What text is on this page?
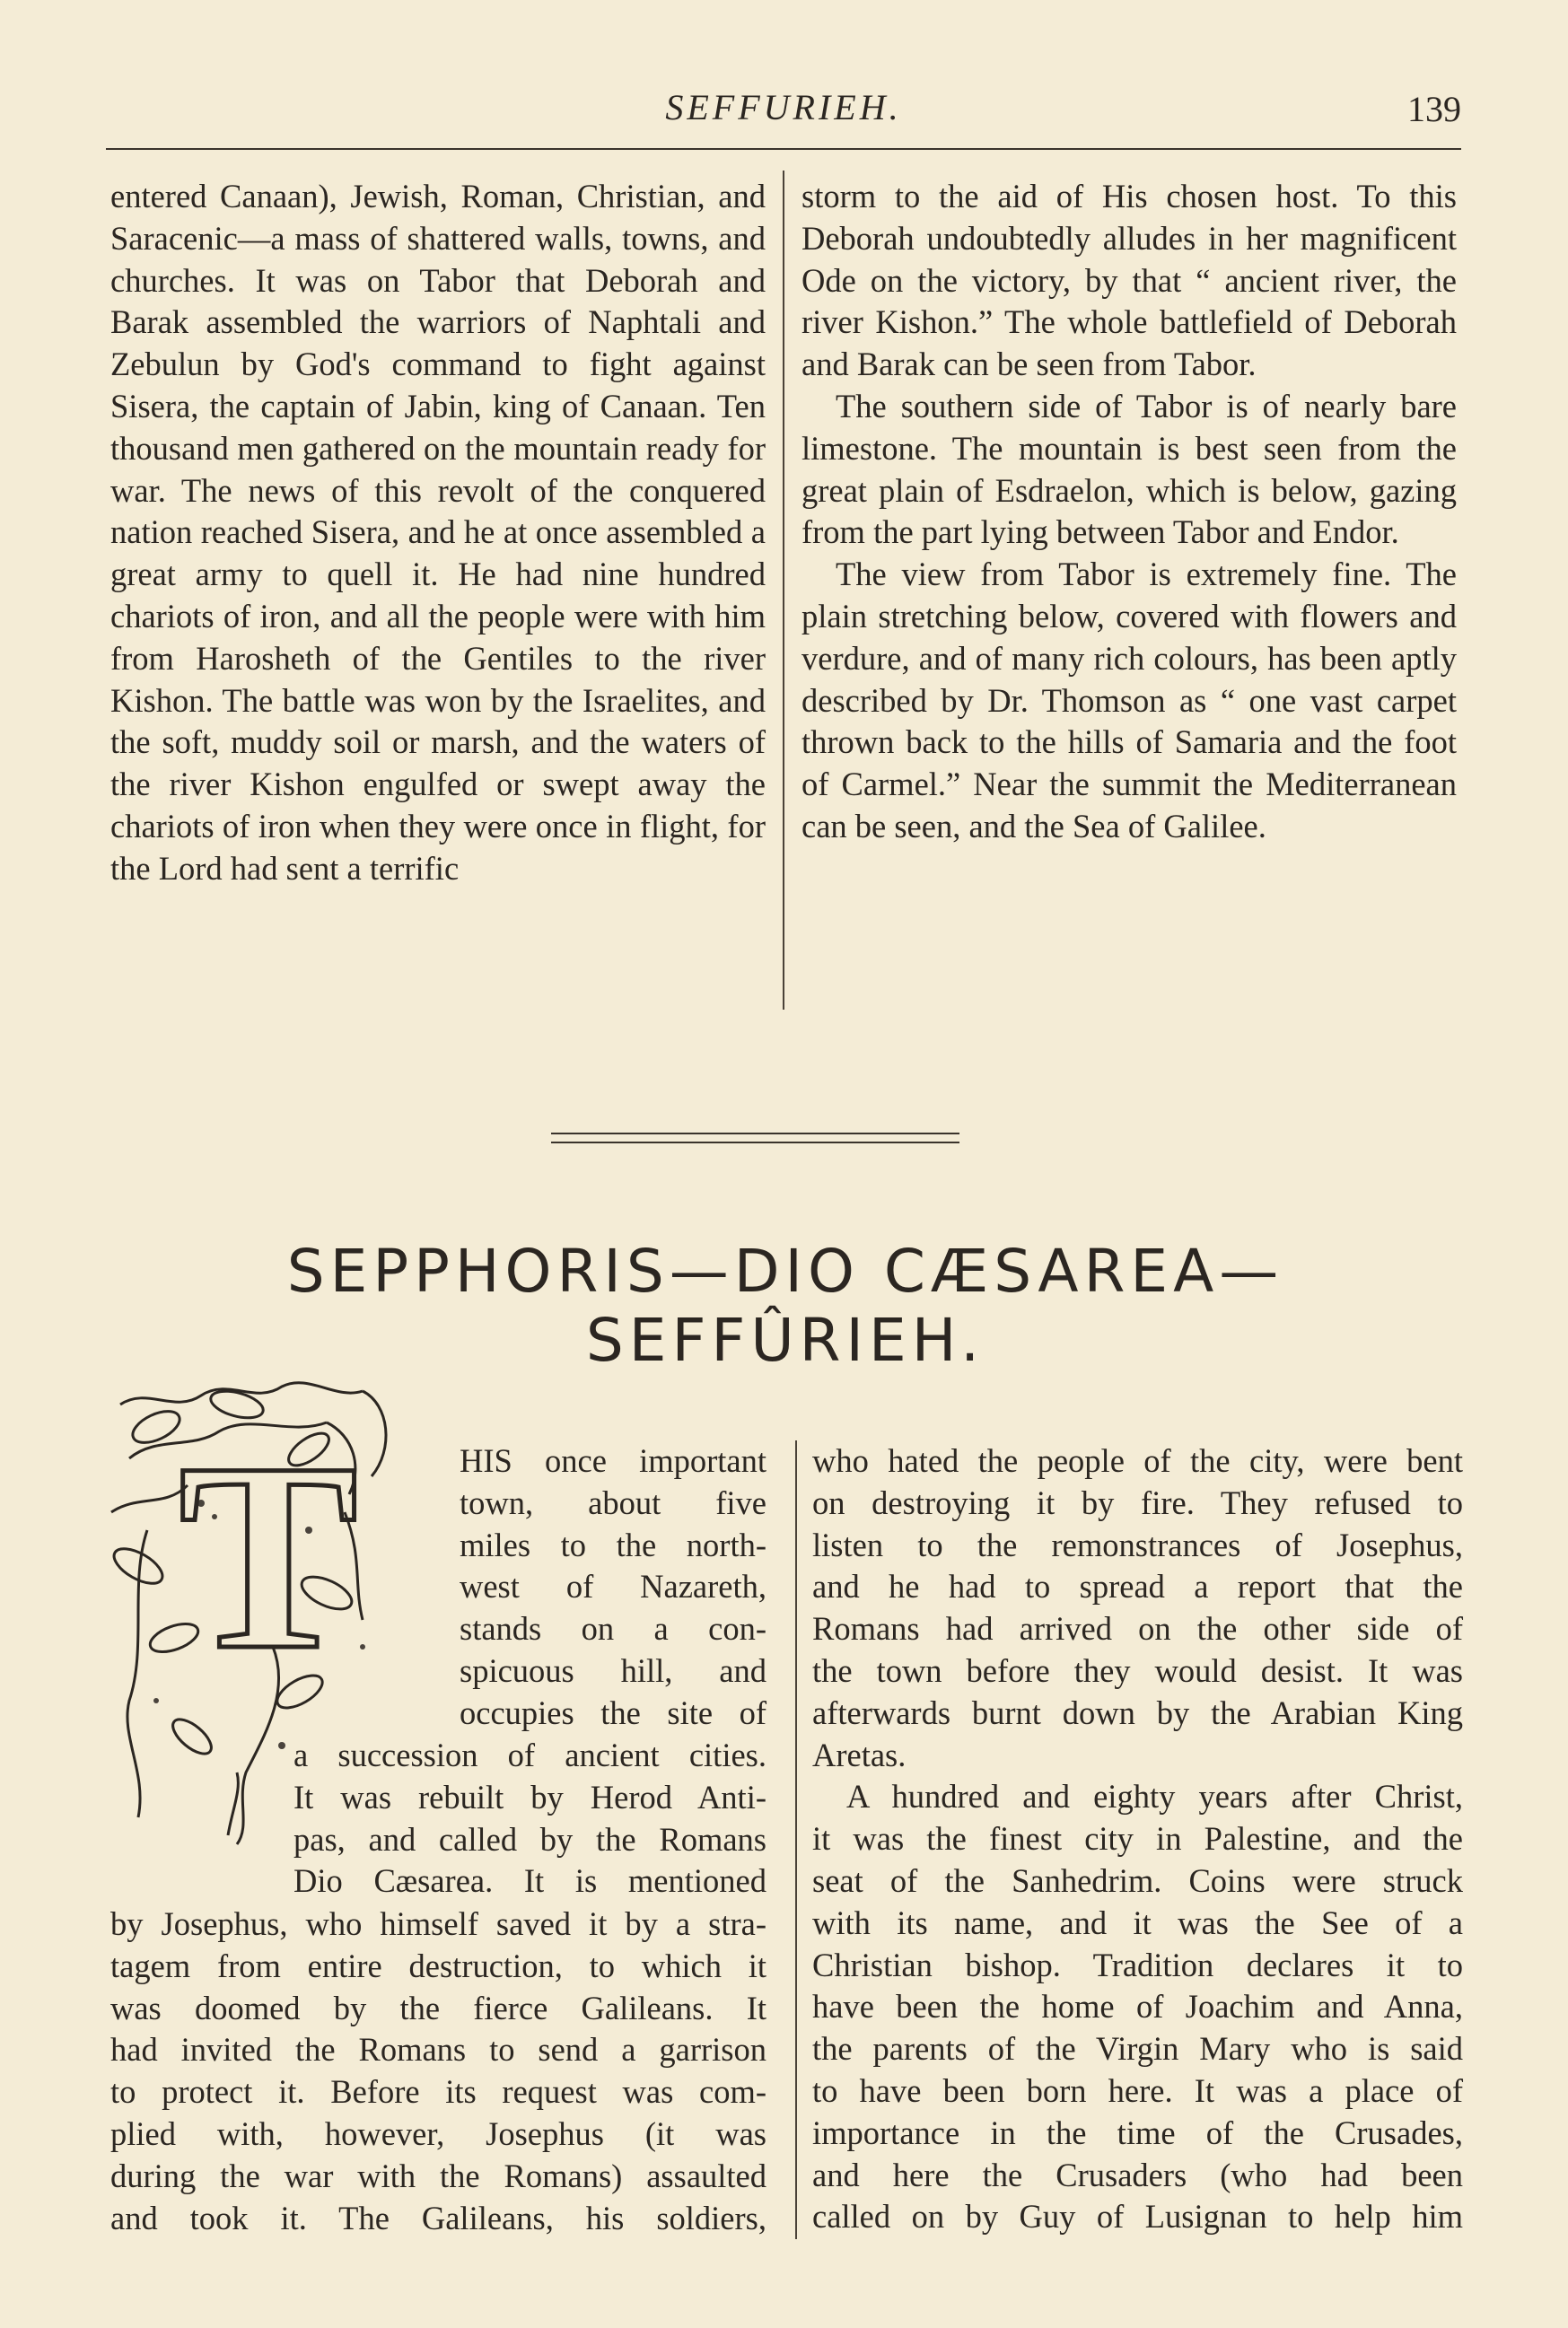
SEFFURIEH.	139

entered Canaan), Jewish, Roman, Christian, and Saracenic—a mass of shattered walls, towns, and churches. It was on Tabor that Deborah and Barak assembled the warriors of Naphtali and Zebulun by God's command to fight against Sisera, the captain of Jabin, king of Canaan. Ten thousand men gathered on the mountain ready for war. The news of this revolt of the conquered nation reached Sisera, and he at once assembled a great army to quell it. He had nine hundred chariots of iron, and all the people were with him from Harosheth of the Gentiles to the river Kishon. The battle was won by the Israelites, and the soft, muddy soil or marsh, and the waters of the river Kishon engulfed or swept away the chariots of iron when they were once in flight, for the Lord had sent a terrific

storm to the aid of His chosen host. To this Deborah undoubtedly alludes in her magnificent Ode on the victory, by that “ ancient river, the river Kishon.” The whole battlefield of Deborah and Barak can be seen from Tabor.

The southern side of Tabor is of nearly bare limestone. The mountain is best seen from the great plain of Esdraelon, which is below, gazing from the part lying between Tabor and Endor.

The view from Tabor is extremely fine. The plain stretching below, covered with flowers and verdure, and of many rich colours, has been aptly described by Dr. Thomson as “ one vast carpet thrown back to the hills of Samaria and the foot of Carmel.” Near the summit the Mediterranean can be seen, and the Sea of Galilee.

SEPPHORIS—DIO CÆSAREA—SEFFÛRIEH.
T	HIS once important
town, about five
miles to the north-
west of Nazareth,
stands on a con-
spicuous hill, and
occupies the site of
a succession of ancient cities.
It was rebuilt by Herod Anti-
pas, and called by the Romans
Dio Cæsarea. It is mentioned
by Josephus, who himself saved it by a stra-
tagem from entire destruction, to which it
was doomed by the fierce Galileans. It
had invited the Romans to send a garrison
to protect it. Before its request was com-
plied with, however, Josephus (it was
during the war with the Romans) assaulted
and took it. The Galileans, his soldiers,
who hated the people of the city, were bent
on destroying it by fire. They refused to
listen to the remonstrances of Josephus,
and he had to spread a report that the
Romans had arrived on the other side of
the town before they would desist. It was
afterwards burnt down by the Arabian King
Aretas.
A hundred and eighty years after Christ,
it was the finest city in Palestine, and the
seat of the Sanhedrim. Coins were struck
with its name, and it was the See of a
Christian bishop. Tradition declares it to
have been the home of Joachim and Anna,
the parents of the Virgin Mary who is said
to have been born here. It was a place of
importance in the time of the Crusades,
and here the Crusaders (who had been
called on by Guy of Lusignan to help him
